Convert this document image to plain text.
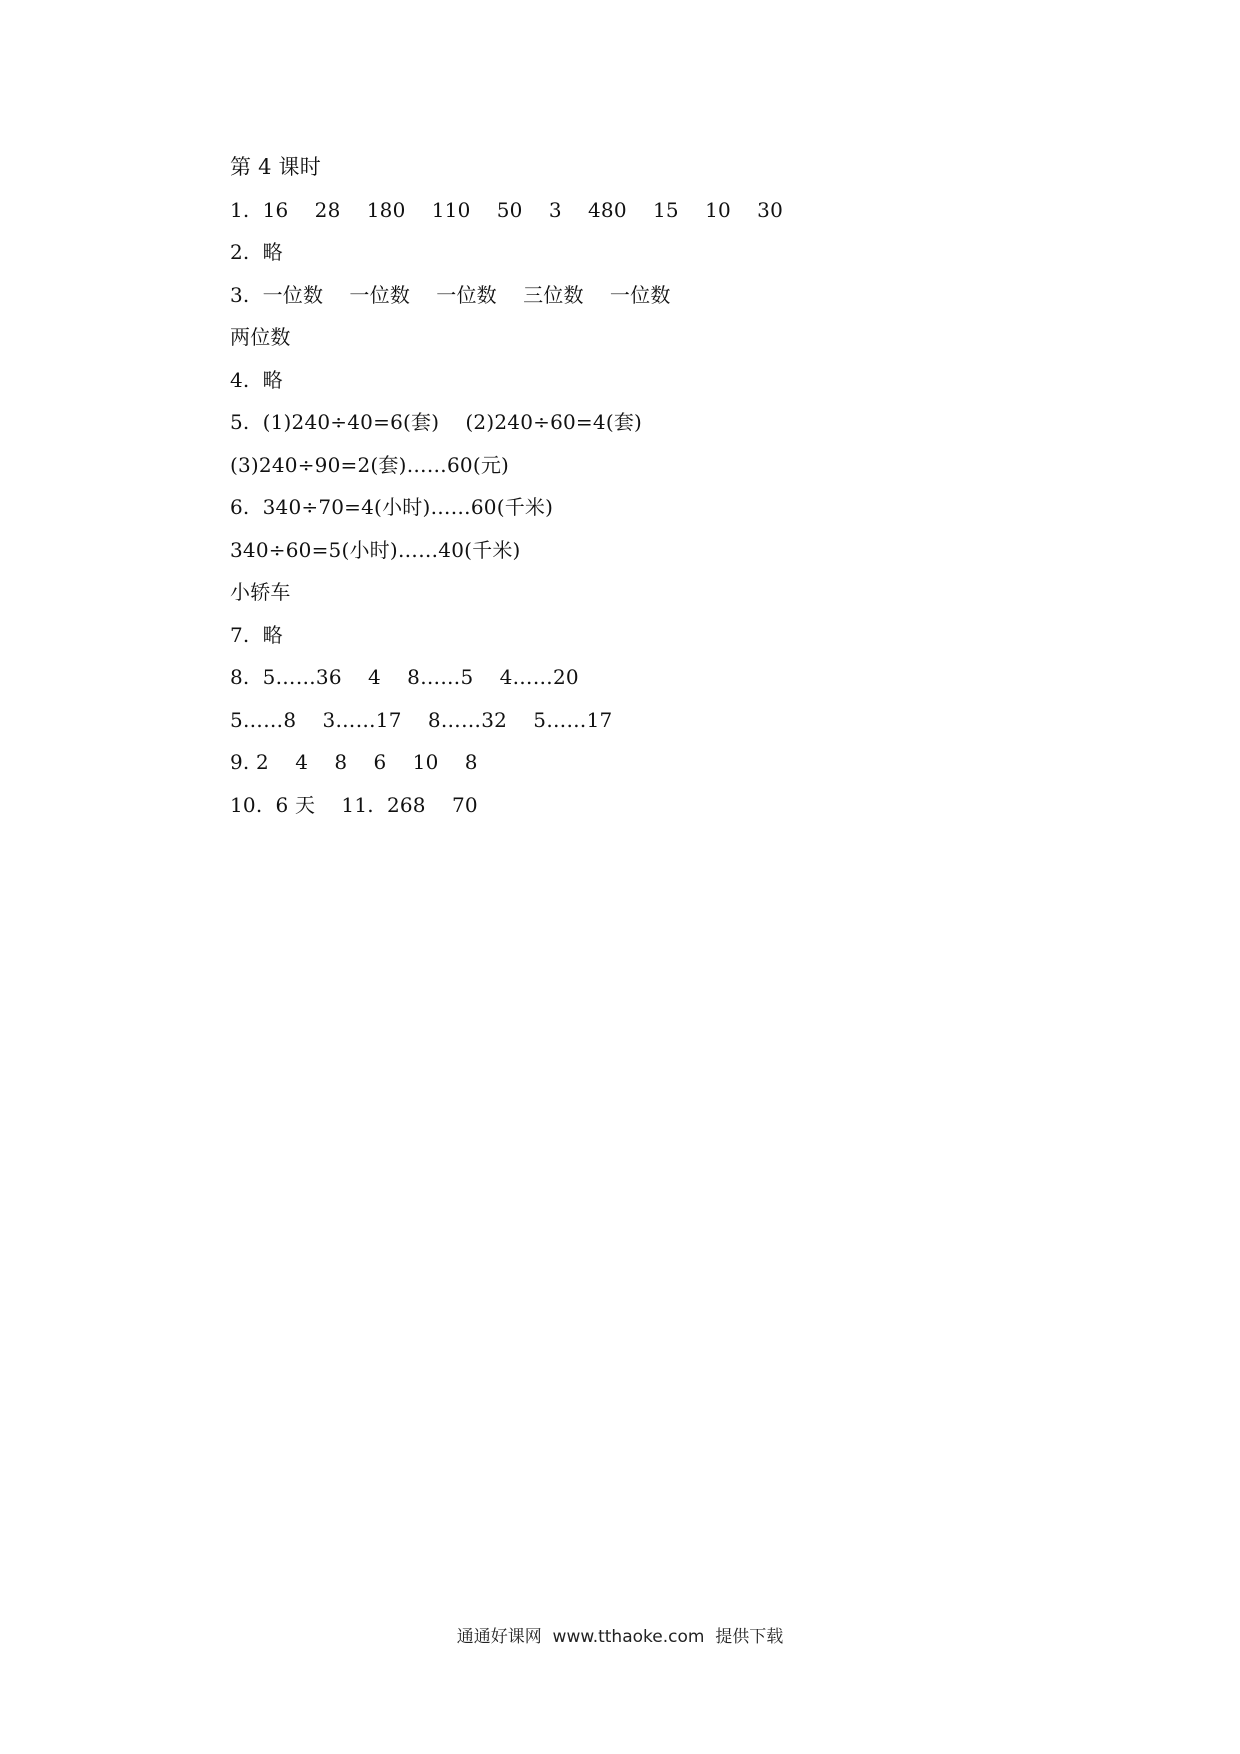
第 4 课时
1.  16    28    180    110    50    3    480    15    10    30
2.  略
3.  一位数    一位数    一位数    三位数    一位数
两位数
4.  略
5.  (1)240÷40=6(套)    (2)240÷60=4(套)
(3)240÷90=2(套)……60(元)
6.  340÷70=4(小时)……60(千米)
340÷60=5(小时)……40(千米)
小轿车
7.  略
8.  5……36    4    8……5    4……20
5……8    3……17    8……32    5……17
9. 2    4    8    6    10    8
10.  6 天    11.  268    70
通通好课网  www.tthaoke.com  提供下载
